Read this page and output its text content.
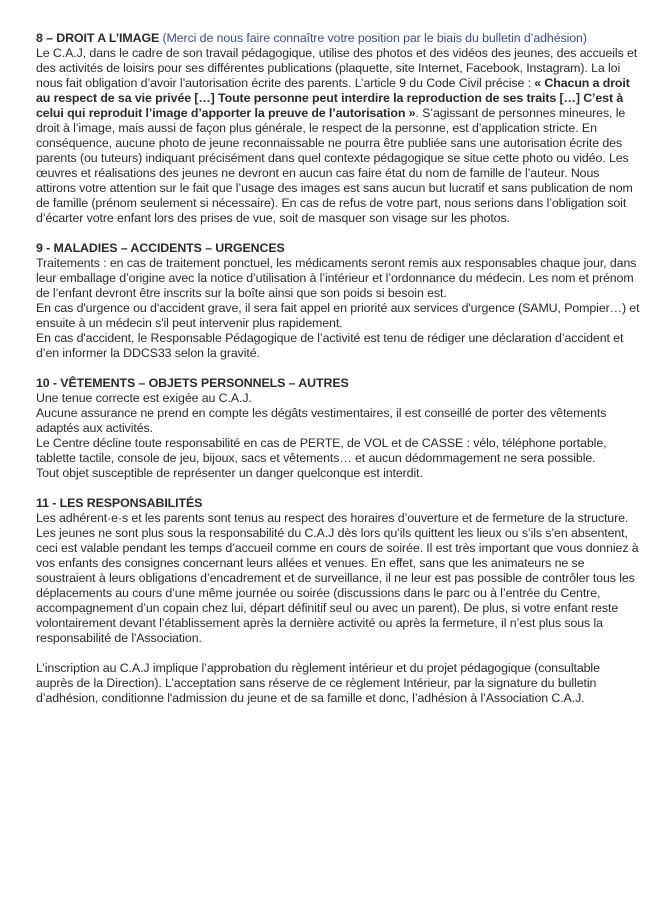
8 – DROIT A L’IMAGE (Merci de nous faire connaître votre position par le biais du bulletin d’adhésion)

Le C.A.J, dans le cadre de son travail pédagogique, utilise des photos et des vidéos des jeunes, des accueils et des activités de loisirs pour ses différentes publications (plaquette, site Internet, Facebook, Instagram). La loi nous fait obligation d’avoir l’autorisation écrite des parents. L’article 9 du Code Civil précise : « Chacun a droit au respect de sa vie privée […] Toute personne peut interdire la reproduction de ses traits […] C’est à celui qui reproduit l’image d’apporter la preuve de l’autorisation ». S’agissant de personnes mineures, le droit à l’image, mais aussi de façon plus générale, le respect de la personne, est d’application stricte. En conséquence, aucune photo de jeune reconnaissable ne pourra être publiée sans une autorisation écrite des parents (ou tuteurs) indiquant précisément dans quel contexte pédagogique se situe cette photo ou vidéo. Les œuvres et réalisations des jeunes ne devront en aucun cas faire état du nom de famille de l’auteur. Nous attirons votre attention sur le fait que l’usage des images est sans aucun but lucratif et sans publication de nom de famille (prénom seulement si nécessaire). En cas de refus de votre part, nous serions dans l’obligation soit d’écarter votre enfant lors des prises de vue, soit de masquer son visage sur les photos.

9 - MALADIES – ACCIDENTS – URGENCES

Traitements : en cas de traitement ponctuel, les médicaments seront remis aux responsables chaque jour, dans leur emballage d’origine avec la notice d’utilisation à l’intérieur et l’ordonnance du médecin. Les nom et prénom de l’enfant devront être inscrits sur la boîte ainsi que son poids si besoin est.

En cas d'urgence ou d'accident grave, il sera fait appel en priorité aux services d'urgence (SAMU, Pompier…) et ensuite à un médecin s'il peut intervenir plus rapidement.

En cas d'accident, le Responsable Pédagogique de l’activité est tenu de rédiger une déclaration d’accident et d’en informer la DDCS33 selon la gravité.

10 - VÊTEMENTS – OBJETS PERSONNELS – AUTRES

Une tenue correcte est exigée au C.A.J.

Aucune assurance ne prend en compte les dégâts vestimentaires, il est conseillé de porter des vêtements adaptés aux activités.

Le Centre décline toute responsabilité en cas de PERTE, de VOL et de CASSE : vélo, téléphone portable, tablette tactile, console de jeu, bijoux, sacs et vêtements… et aucun dédommagement ne sera possible.

Tout objet susceptible de représenter un danger quelconque est interdit.

11 - LES RESPONSABILITÉS

Les adhérent·e·s et les parents sont tenus au respect des horaires d’ouverture et de fermeture de la structure. Les jeunes ne sont plus sous la responsabilité du C.A.J dès lors qu’ils quittent les lieux ou s’ils s’en absentent, ceci est valable pendant les temps d’accueil comme en cours de soirée. Il est très important que vous donniez à vos enfants des consignes concernant leurs allées et venues. En effet, sans que les animateurs ne se soustraient à leurs obligations d’encadrement et de surveillance, il ne leur est pas possible de contrôler tous les déplacements au cours d’une même journée ou soirée (discussions dans le parc ou à l’entrée du Centre, accompagnement d’un copain chez lui, départ définitif seul ou avec un parent). De plus, si votre enfant reste volontairement devant l’établissement après la dernière activité ou après la fermeture, il n’est plus sous la responsabilité de l'Association.

L’inscription au C.A.J implique l’approbation du règlement intérieur et du projet pédagogique (consultable auprès de la Direction). L’acceptation sans réserve de ce règlement Intérieur, par la signature du bulletin d’adhésion, conditionne l'admission du jeune et de sa famille et donc, l’adhésion à l’Association C.A.J.
